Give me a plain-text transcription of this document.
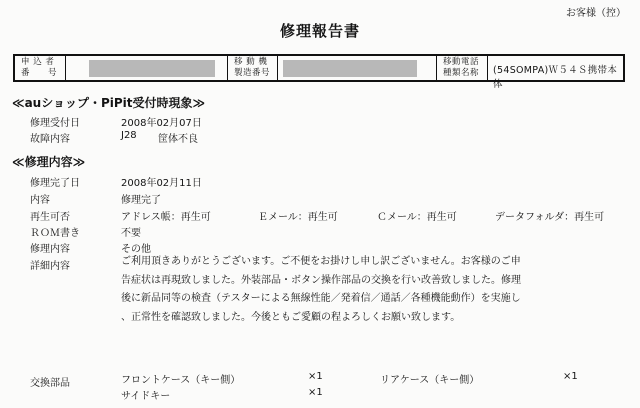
お客様（控）
修理報告書
申 込 者
番　　号
移 動 機
製造番号
移動電話
種類名称 (54SOMPA)Ｗ５４Ｓ携帯本体
≪auショップ・PiPit受付時現象≫
修理受付日	2008年02月07日
故障内容	J28 筐体不良
≪修理内容≫
修理完了日	2008年02月11日
内容	修理完了
再生可否	アドレス帳：再生可	Ｅメール：再生可	Ｃメール：再生可	データフォルダ：再生可
ＲＯＭ書き	不要
修理内容	その他
詳細内容	ご利用頂きありがとうございます。ご不便をお掛けし申し訳ございません。お客様のご申
告症状は再現致しました。外装部品・ボタン操作部品の交換を行い改善致しました。修理
後に新品同等の検査（テスターによる無線性能／発着信／通話／各種機能動作）を実施し
、正常性を確認致しました。今後ともご愛顧の程よろしくお願い致します。
交換部品	フロントケース（キー側）	×1	リアケース（キー側）	×1
サイドキー	×1
